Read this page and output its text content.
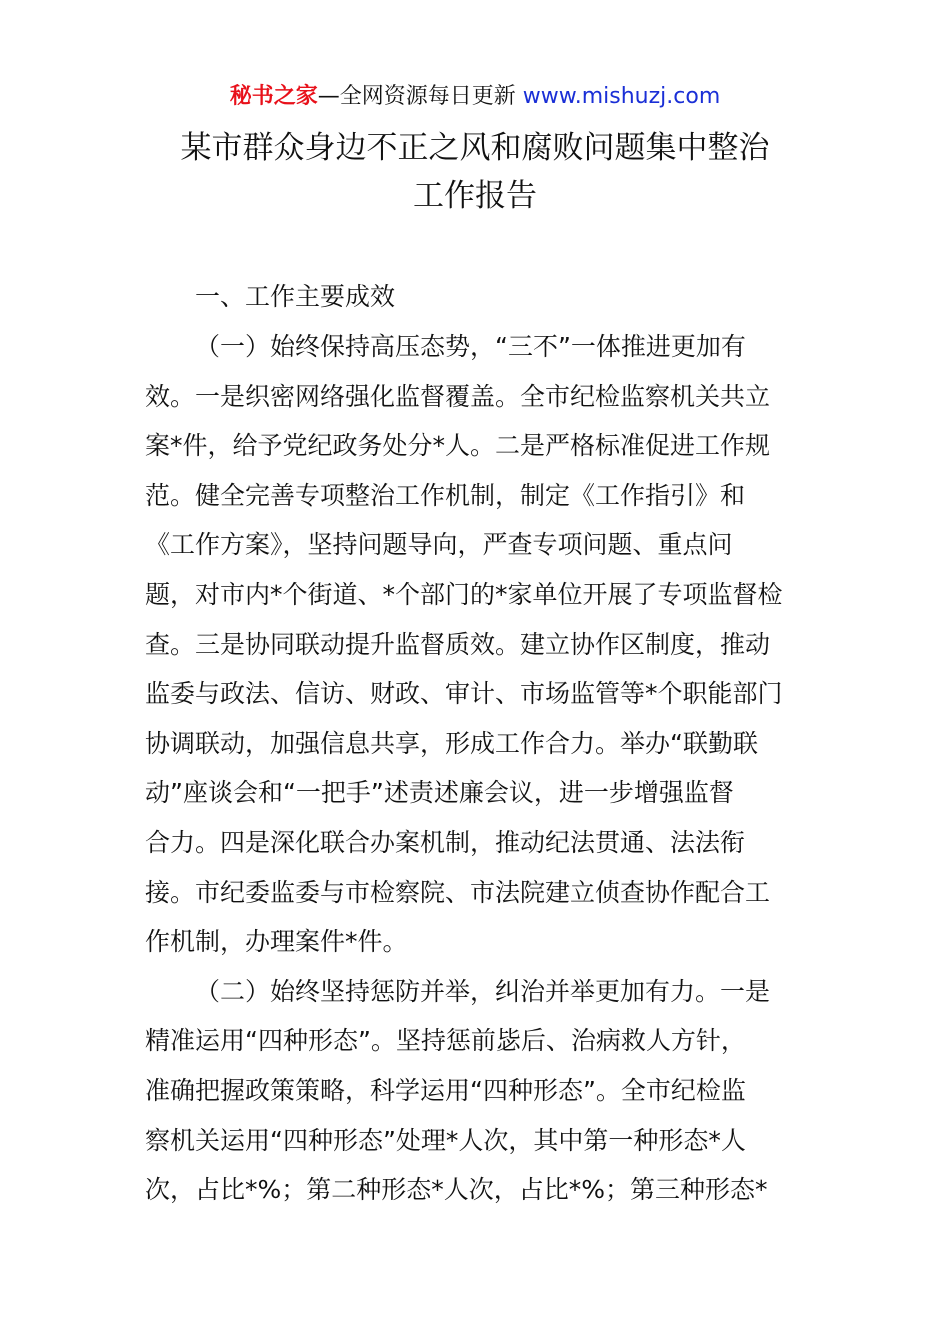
秘书之家—全网资源每日更新 www.mishuzj.com
某市群众身边不正之风和腐败问题集中整治
工作报告
一、工作主要成效
（一）始终保持高压态势，“三不”一体推进更加有
效。一是织密网络强化监督覆盖。全市纪检监察机关共立
案*件，给予党纪政务处分*人。二是严格标准促进工作规
范。健全完善专项整治工作机制，制定《工作指引》和
《工作方案》，坚持问题导向，严查专项问题、重点问
题，对市内*个街道、*个部门的*家单位开展了专项监督检
查。三是协同联动提升监督质效。建立协作区制度，推动
监委与政法、信访、财政、审计、市场监管等*个职能部门
协调联动，加强信息共享，形成工作合力。举办“联勤联
动”座谈会和“一把手”述责述廉会议，进一步增强监督
合力。四是深化联合办案机制，推动纪法贯通、法法衔
接。市纪委监委与市检察院、市法院建立侦查协作配合工
作机制，办理案件*件。
（二）始终坚持惩防并举，纠治并举更加有力。一是
精准运用“四种形态”。坚持惩前毖后、治病救人方针，
准确把握政策策略，科学运用“四种形态”。全市纪检监
察机关运用“四种形态”处理*人次，其中第一种形态*人
次，占比*%；第二种形态*人次，占比*%；第三种形态*
